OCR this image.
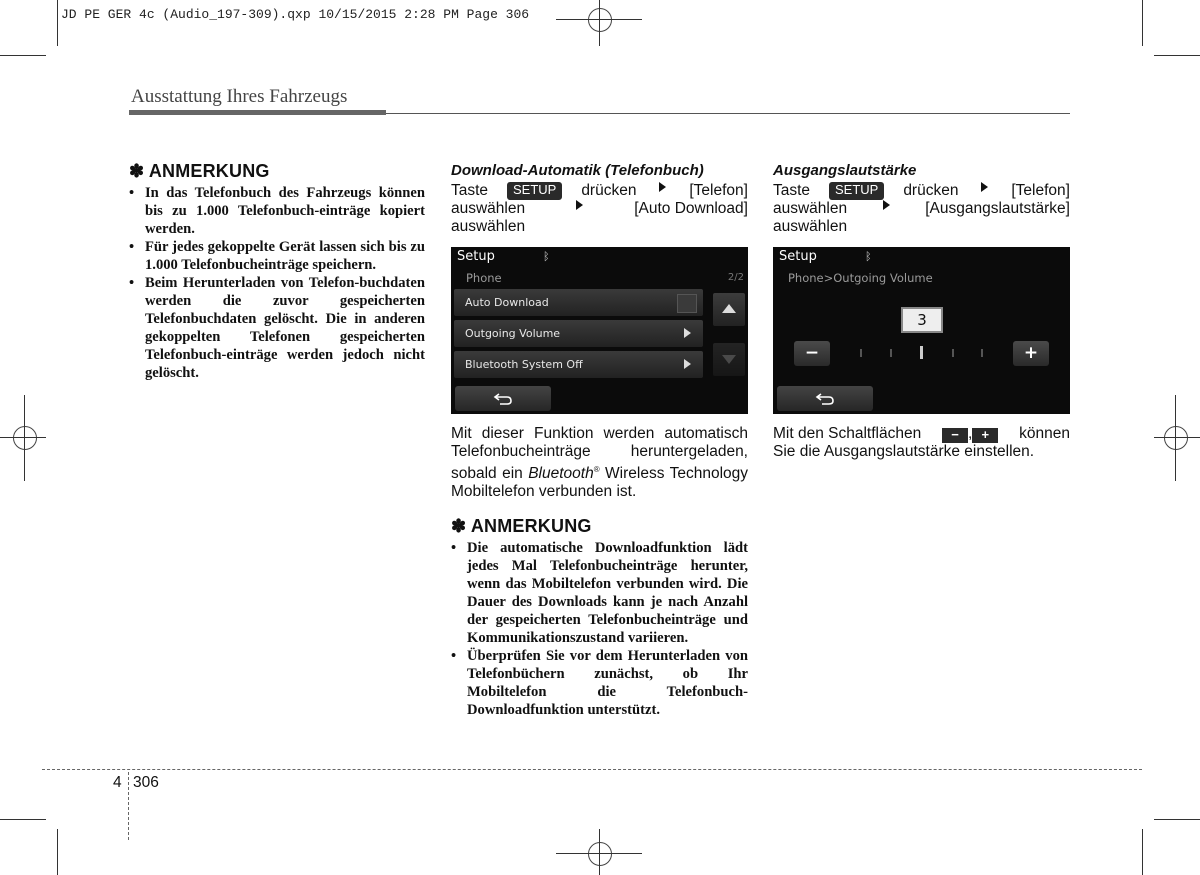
JD PE GER 4c (Audio_197-309).qxp 10/15/2015 2:28 PM Page 306
Ausstattung Ihres Fahrzeugs
✽ ANMERKUNG
• In das Telefonbuch des Fahrzeugs können bis zu 1.000 Telefonbuch-einträge kopiert werden.
• Für jedes gekoppelte Gerät lassen sich bis zu 1.000 Telefonbucheinträge speichern.
• Beim Herunterladen von Telefon-buchdaten werden die zuvor gespeicherten Telefonbuchdaten gelöscht. Die in anderen gekoppelten Telefonen gespeicherten Telefonbuch-einträge werden jedoch nicht gelöscht.
Download-Automatik (Telefonbuch)
Taste	SETUP	drücken	[Telefon]
auswählen	[Auto Download]
auswählen
Setup	ᛒ
Phone	2/2
Auto Download
Outgoing Volume
Bluetooth System Off
Mit dieser Funktion werden automatisch Telefonbucheinträge heruntergeladen, sobald ein Bluetooth® Wireless Technology Mobiltelefon verbunden ist.
✽ ANMERKUNG
• Die automatische Downloadfunktion lädt jedes Mal Telefonbucheinträge herunter, wenn das Mobiltelefon verbunden wird. Die Dauer des Downloads kann je nach Anzahl der gespeicherten Telefonbucheinträge und Kommunikationszustand variieren.
• Überprüfen Sie vor dem Herunterladen von Telefonbüchern zunächst, ob Ihr Mobiltelefon die Telefonbuch-Downloadfunktion unterstützt.
Ausgangslautstärke
Taste	SETUP	drücken	[Telefon]
auswählen	[Ausgangslautstärke]
auswählen
Setup	ᛒ
Phone>Outgoing Volume
3
−	+
Mit den Schaltflächen	− , +	können
Sie die Ausgangslautstärke einstellen.
4 306
